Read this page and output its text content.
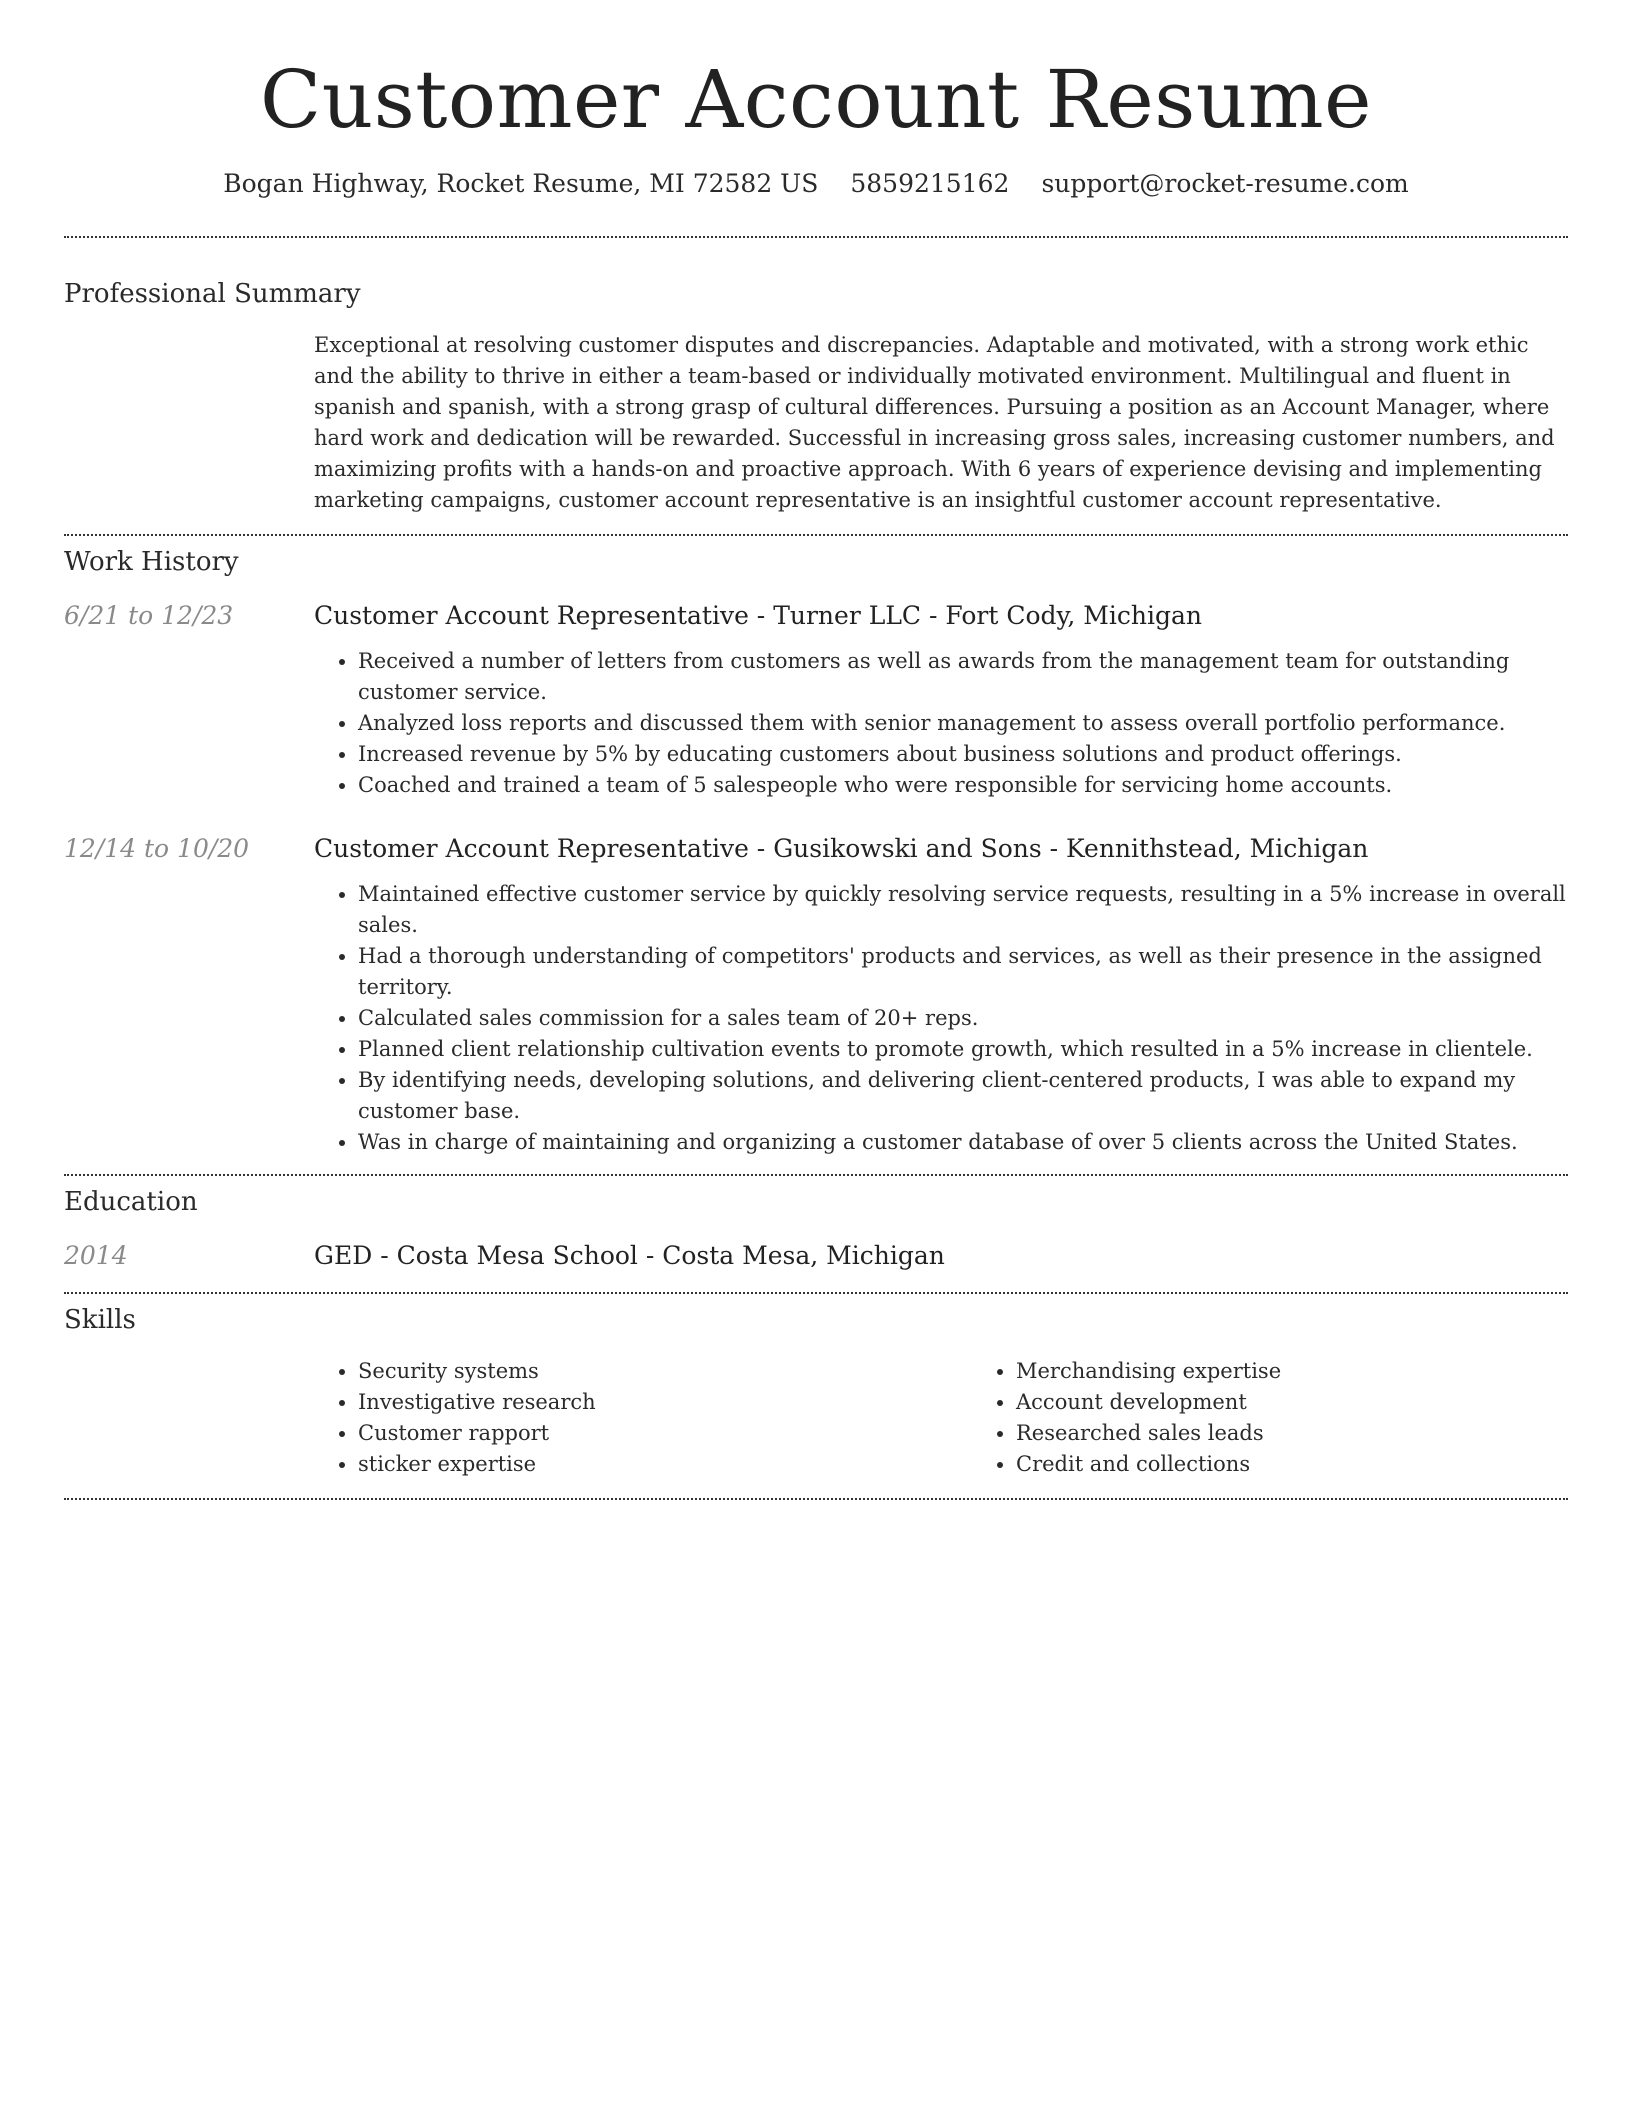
Customer Account Resume
Bogan Highway, Rocket Resume, MI 72582 US 5859215162 support@rocket-resume.com
Professional Summary

Exceptional at resolving customer disputes and discrepancies. Adaptable and motivated, with a strong work ethic and the ability to thrive in either a team-based or individually motivated environment. Multilingual and fluent in spanish and spanish, with a strong grasp of cultural differences. Pursuing a position as an Account Manager, where hard work and dedication will be rewarded. Successful in increasing gross sales, increasing customer numbers, and maximizing profits with a hands-on and proactive approach. With 6 years of experience devising and implementing marketing campaigns, customer account representative is an insightful customer account representative.

Work History
6/21 to 12/23	Customer Account Representative - Turner LLC - Fort Cody, Michigan
• Received a number of letters from customers as well as awards from the management team for outstanding customer service.
• Analyzed loss reports and discussed them with senior management to assess overall portfolio performance.
• Increased revenue by 5% by educating customers about business solutions and product offerings.
• Coached and trained a team of 5 salespeople who were responsible for servicing home accounts.
12/14 to 10/20	Customer Account Representative - Gusikowski and Sons - Kennithstead, Michigan
• Maintained effective customer service by quickly resolving service requests, resulting in a 5% increase in overall sales.
• Had a thorough understanding of competitors' products and services, as well as their presence in the assigned territory.
• Calculated sales commission for a sales team of 20+ reps.
• Planned client relationship cultivation events to promote growth, which resulted in a 5% increase in clientele.
• By identifying needs, developing solutions, and delivering client-centered products, I was able to expand my customer base.
• Was in charge of maintaining and organizing a customer database of over 5 clients across the United States.
Education
2014	GED - Costa Mesa School - Costa Mesa, Michigan
Skills
• Security systems
• Investigative research
• Customer rapport
• sticker expertise
• Merchandising expertise
• Account development
• Researched sales leads
• Credit and collections
